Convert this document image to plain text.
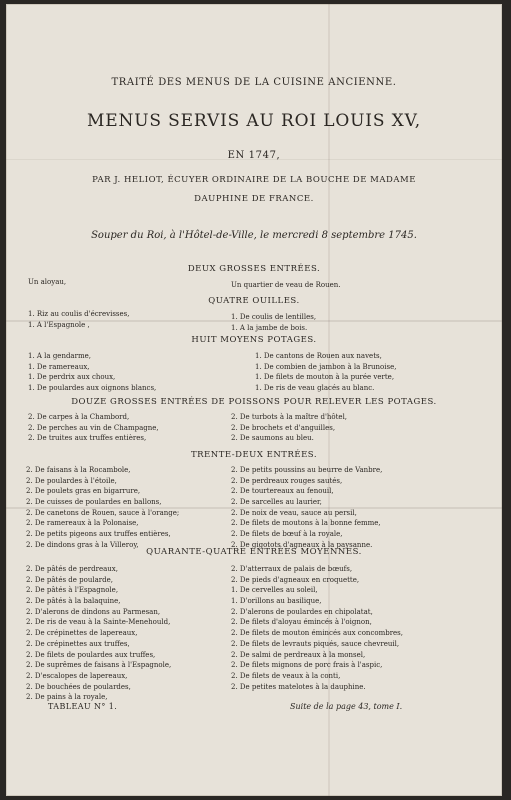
TRAITÉ DES MENUS DE LA CUISINE ANCIENNE.
MENUS SERVIS AU ROI LOUIS XV,
EN 1747,
PAR J. HELIOT, ÉCUYER ORDINAIRE DE LA BOUCHE DE MADAME
DAUPHINE DE FRANCE.
Souper du Roi, à l'Hôtel-de-Ville, le mercredi 8 septembre 1745.
DEUX GROSSES ENTRÉES.
Un aloyau,	Un quartier de veau de Rouen.
QUATRE OUILLES.
1. Riz au coulis d'écrevisses,
1. A l'Espagnole ,
1. De coulis de lentilles,
1. A la jambe de bois.
HUIT MOYENS POTAGES.
1. A la gendarme,
1. De ramereaux,
1. De perdrix aux choux,
1. De poulardes aux oignons blancs,
1. De cantons de Rouen aux navets,
1. De combien de jambon à la Brunoise,
1. De filets de mouton à la purée verte,
1. De ris de veau glacés au blanc.
DOUZE GROSSES ENTRÉES DE POISSONS POUR RELEVER LES POTAGES.
2. De carpes à la Chambord,
2. De perches au vin de Champagne,
2. De truites aux truffes entières,
2. De turbots à la maître d'hôtel,
2. De brochets et d'anguilles,
2. De saumons au bleu.
TRENTE-DEUX ENTRÉES.
2. De faisans à la Rocambole,
2. De poulardes à l'étoile,
2. De poulets gras en bigarrure,
2. De cuisses de poulardes en ballons,
2. De canetons de Rouen, sauce à l'orange;
2. De ramereaux à la Polonaise,
2. De petits pigeons aux truffes entières,
2. De dindons gras à la Villeroy,
2. De petits poussins au beurre de Vanbre,
2. De perdreaux rouges sautés,
2. De tourtereaux au fenouil,
2. De sarcelles au laurier,
2. De noix de veau, sauce au persil,
2. De filets de moutons à la bonne femme,
2. De filets de bœuf à la royale,
2. De gigotots d'agneaux à la paysanne.
QUARANTE-QUATRE ENTRÉES MOYENNES.
2. De pâtés de perdreaux,
2. De pâtés de poularde,
2. De pâtés à l'Espagnole,
2. De pâtés à la balaquine,
2. D'alerons de dindons au Parmesan,
2. De ris de veau à la Sainte-Menehould,
2. De crépinettes de lapereaux,
2. De crépinettes aux truffes,
2. De filets de poulardes aux truffes,
2. De suprêmes de faisans à l'Espagnole,
2. D'escalopes de lapereaux,
2. De bouchées de poulardes,
2. De pains à la royale,
2. D'atterraux de palais de bœufs,
2. De pieds d'agneaux en croquette,
1. De cervelles au soleil,
1. D'orillons au basilique,
2. D'alerons de poulardes en chipolatat,
2. De filets d'aloyau émincés à l'oignon,
2. De filets de mouton émincés aux concombres,
2. De filets de levrauts piqués, sauce chevreuil,
2. De salmi de perdreaux à la monsel,
2. De filets mignons de porc frais à l'aspic,
2. De filets de veaux à la conti,
2. De petites matelotes à la dauphine.
TABLEAU N° 1.	Suite de la page 43, tome I.
